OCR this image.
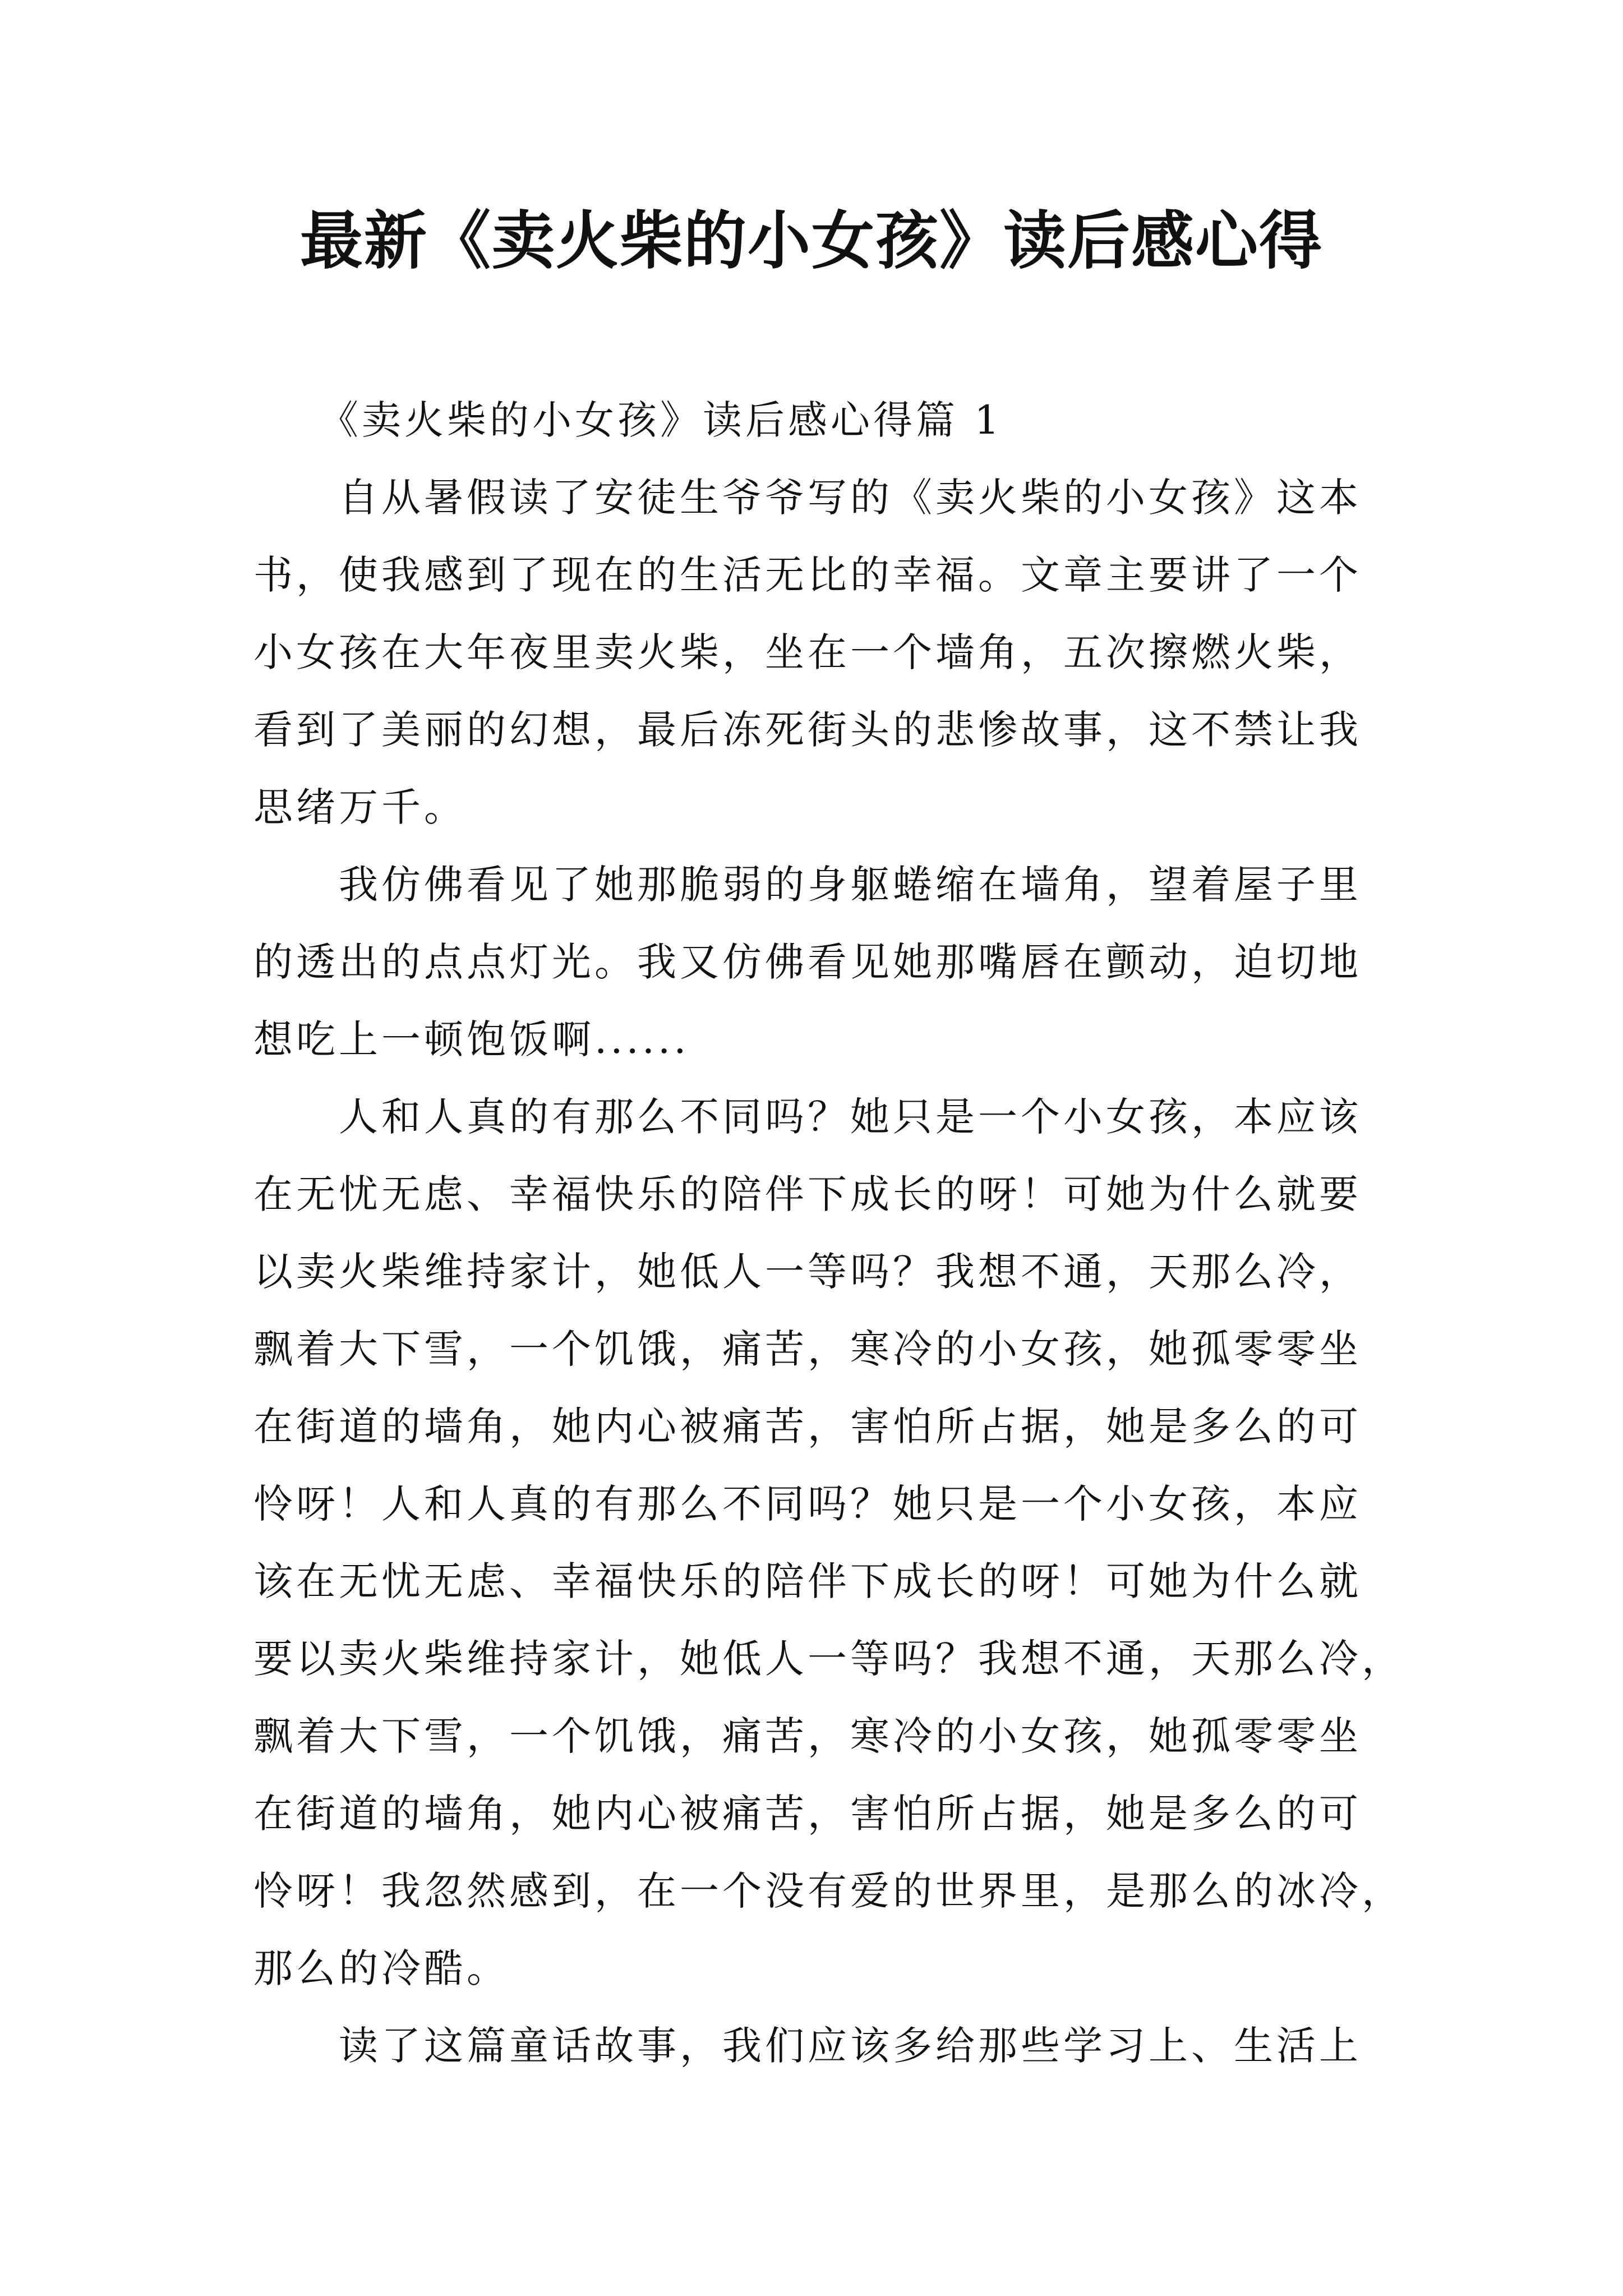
最新《卖火柴的小女孩》读后感心得
　　《卖火柴的小女孩》读后感心得篇 1
　　自从暑假读了安徒生爷爷写的《卖火柴的小女孩》这本
书，使我感到了现在的生活无比的幸福。文章主要讲了一个
小女孩在大年夜里卖火柴，坐在一个墙角，五次擦燃火柴，
看到了美丽的幻想，最后冻死街头的悲惨故事，这不禁让我
思绪万千。
　　我仿佛看见了她那脆弱的身躯蜷缩在墙角，望着屋子里
的透出的点点灯光。我又仿佛看见她那嘴唇在颤动，迫切地
想吃上一顿饱饭啊......
　　人和人真的有那么不同吗？她只是一个小女孩，本应该
在无忧无虑、幸福快乐的陪伴下成长的呀！可她为什么就要
以卖火柴维持家计，她低人一等吗？我想不通，天那么冷，
飘着大下雪，一个饥饿，痛苦，寒冷的小女孩，她孤零零坐
在街道的墙角，她内心被痛苦，害怕所占据，她是多么的可
怜呀！人和人真的有那么不同吗？她只是一个小女孩，本应
该在无忧无虑、幸福快乐的陪伴下成长的呀！可她为什么就
要以卖火柴维持家计，她低人一等吗？我想不通，天那么冷，
飘着大下雪，一个饥饿，痛苦，寒冷的小女孩，她孤零零坐
在街道的墙角，她内心被痛苦，害怕所占据，她是多么的可
怜呀！我忽然感到，在一个没有爱的世界里，是那么的冰冷，
那么的冷酷。
　　读了这篇童话故事，我们应该多给那些学习上、生活上
